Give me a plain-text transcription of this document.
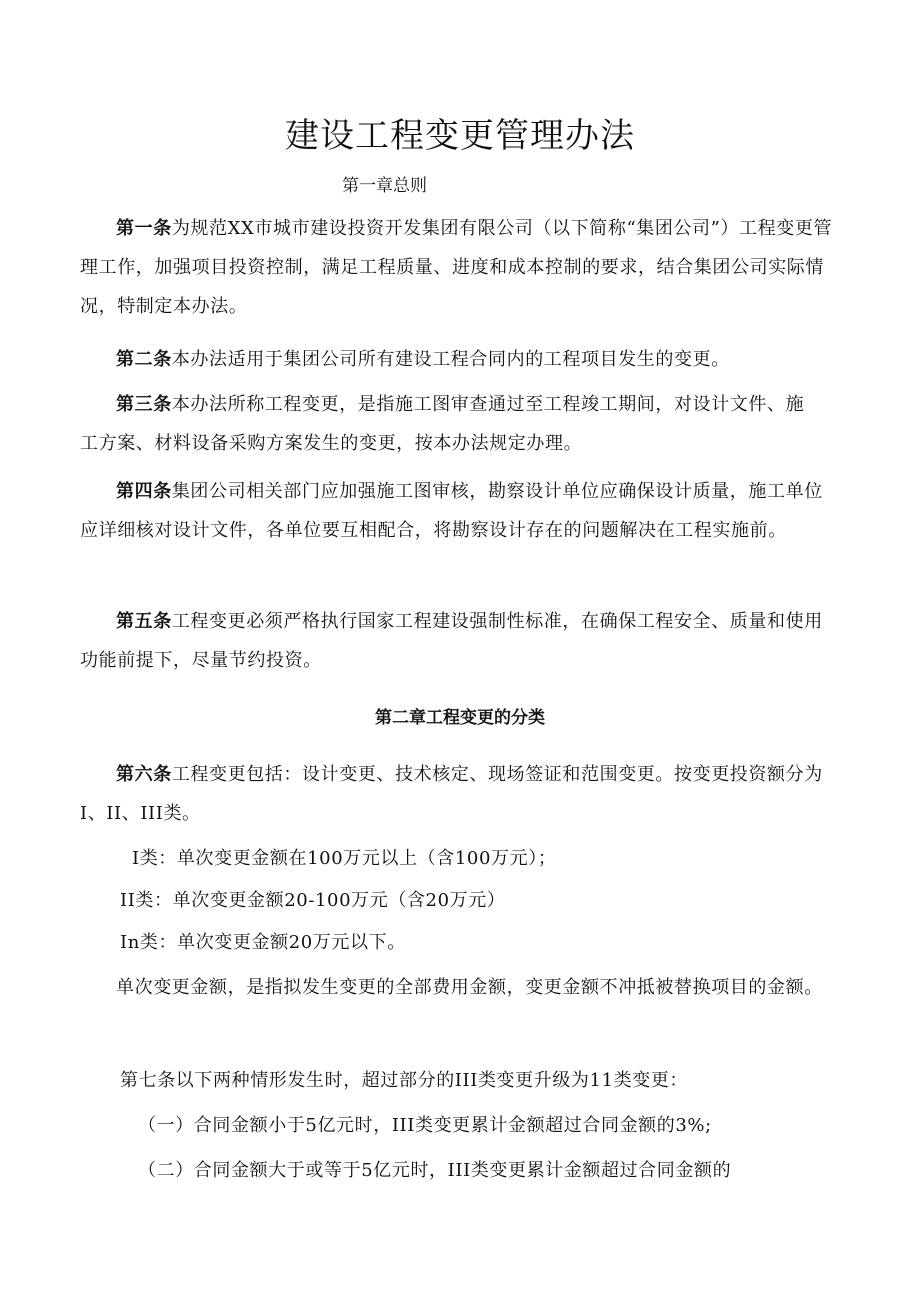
建设工程变更管理办法
第一章总则

第一条为规范XX市城市建设投资开发集团有限公司（以下简称“集团公司”）工程变更管理工作，加强项目投资控制，满足工程质量、进度和成本控制的要求，结合集团公司实际情况，特制定本办法。

第二条本办法适用于集团公司所有建设工程合同内的工程项目发生的变更。

第三条本办法所称工程变更，是指施工图审查通过至工程竣工期间，对设计文件、施工方案、材料设备采购方案发生的变更，按本办法规定办理。

第四条集团公司相关部门应加强施工图审核，勘察设计单位应确保设计质量，施工单位应详细核对设计文件，各单位要互相配合，将勘察设计存在的问题解决在工程实施前。

第五条工程变更必须严格执行国家工程建设强制性标准，在确保工程安全、质量和使用功能前提下，尽量节约投资。

第二章工程变更的分类

第六条工程变更包括：设计变更、技术核定、现场签证和范围变更。按变更投资额分为I、II、III类。

I类：单次变更金额在100万元以上（含100万元）；
II类：单次变更金额20-100万元（含20万元）
In类：单次变更金额20万元以下。

单次变更金额，是指拟发生变更的全部费用金额，变更金额不冲抵被替换项目的金额。

第七条以下两种情形发生时，超过部分的III类变更升级为11类变更：
（一）合同金额小于5亿元时，III类变更累计金额超过合同金额的3%;
（二）合同金额大于或等于5亿元时，III类变更累计金额超过合同金额的
